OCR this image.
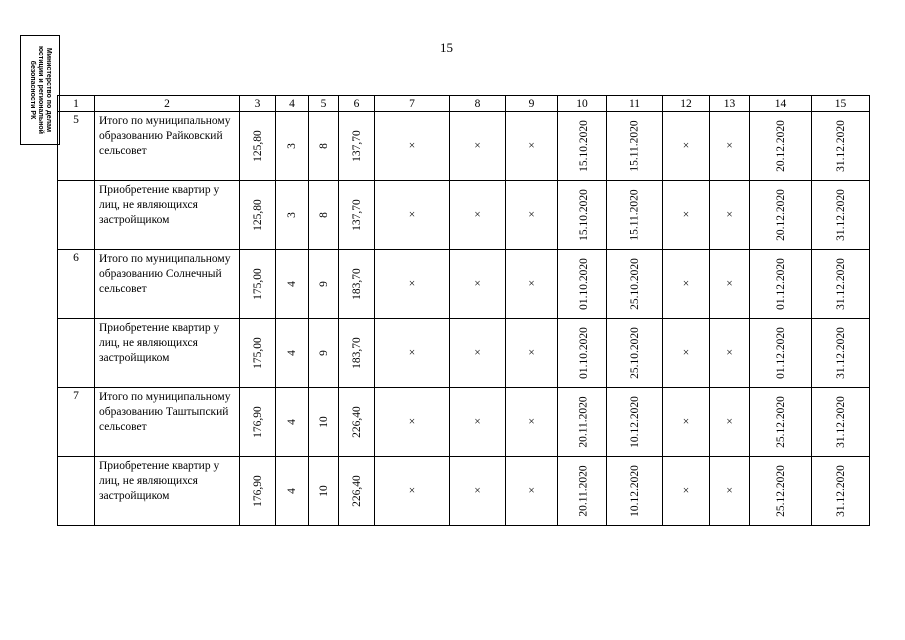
15
Министерство по делам
юстиции и региональной
безопасности РК	1	2	3	4	5	6	7	8	9	10	11	12	13	14	15
5	Итого по муниципальному образованию Райковский сельсовет	125,80	3	8	137,70	×	×	×	15.10.2020	15.11.2020	×	×	20.12.2020	31.12.2020
	Приобретение квартир у лиц, не являющихся застройщиком	125,80	3	8	137,70	×	×	×	15.10.2020	15.11.2020	×	×	20.12.2020	31.12.2020
6	Итого по муниципальному образованию Солнечный сельсовет	175,00	4	9	183,70	×	×	×	01.10.2020	25.10.2020	×	×	01.12.2020	31.12.2020
	Приобретение квартир у лиц, не являющихся застройщиком	175,00	4	9	183,70	×	×	×	01.10.2020	25.10.2020	×	×	01.12.2020	31.12.2020
7	Итого по муниципальному образованию Таштыпский сельсовет	176,90	4	10	226,40	×	×	×	20.11.2020	10.12.2020	×	×	25.12.2020	31.12.2020
	Приобретение квартир у лиц, не являющихся застройщиком	176,90	4	10	226,40	×	×	×	20.11.2020	10.12.2020	×	×	25.12.2020	31.12.2020
